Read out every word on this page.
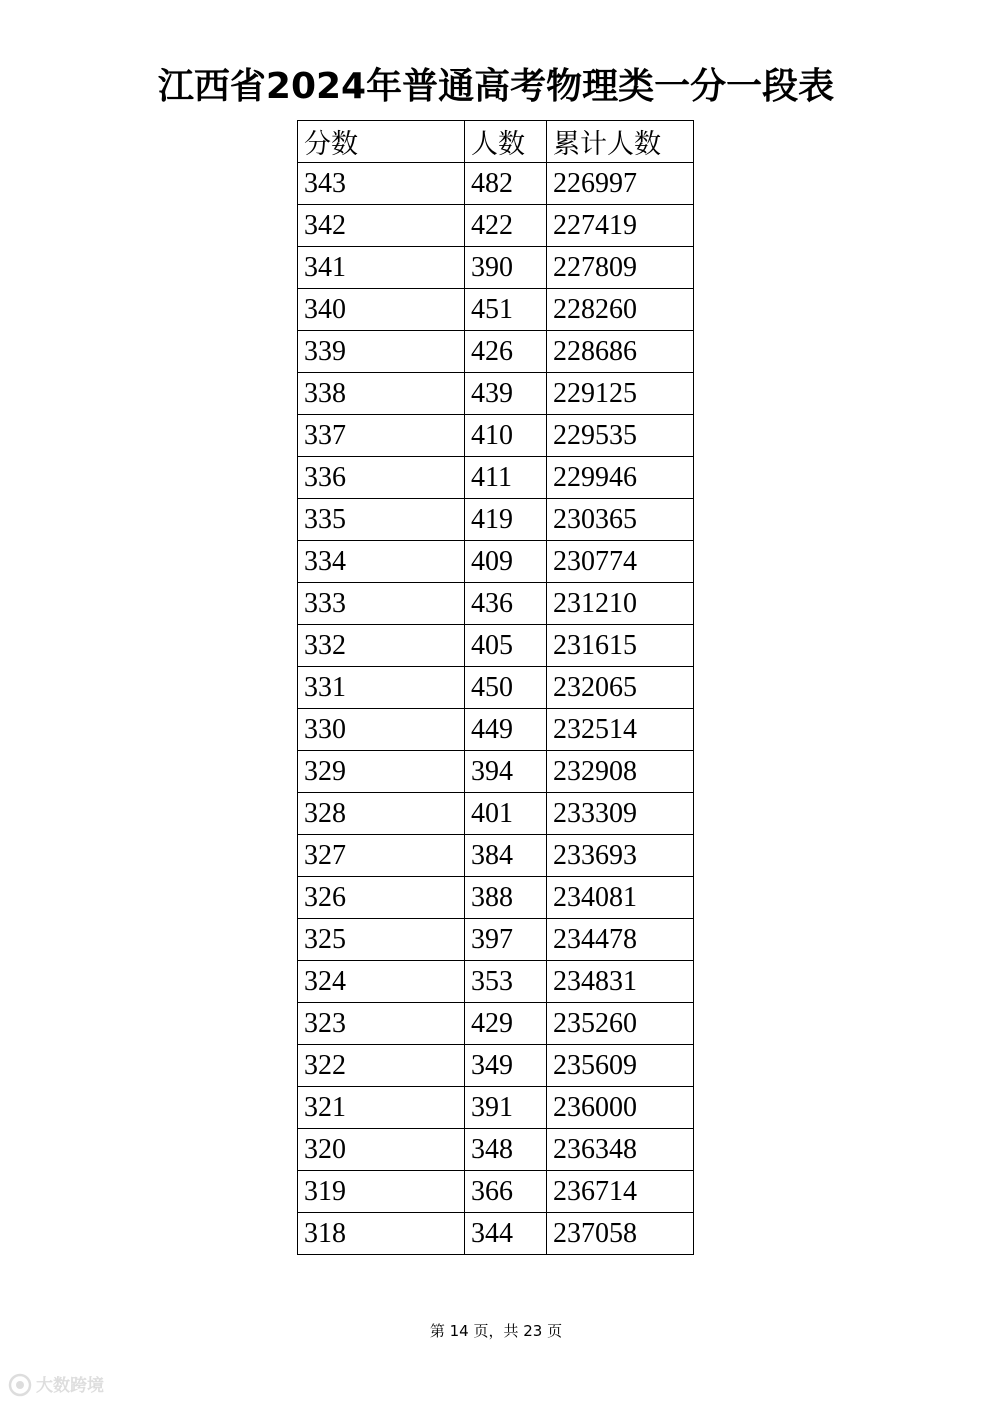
江西省2024年普通高考物理类一分一段表
分数	人数	累计人数
343	482	226997
342	422	227419
341	390	227809
340	451	228260
339	426	228686
338	439	229125
337	410	229535
336	411	229946
335	419	230365
334	409	230774
333	436	231210
332	405	231615
331	450	232065
330	449	232514
329	394	232908
328	401	233309
327	384	233693
326	388	234081
325	397	234478
324	353	234831
323	429	235260
322	349	235609
321	391	236000
320	348	236348
319	366	236714
318	344	237058
第 14 页，共 23 页
大数跨境
